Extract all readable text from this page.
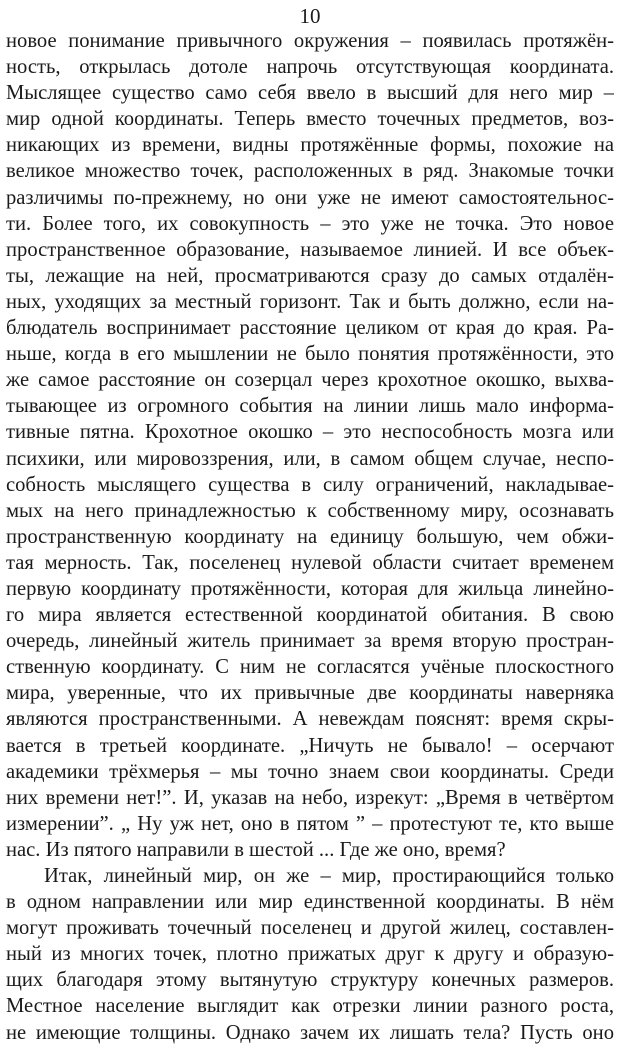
10
новое понимание привычного окружения – появилась протяжён-
ность, открылась дотоле напрочь отсутствующая координата.
Мыслящее существо само себя ввело в высший для него мир –
мир одной координаты. Теперь вместо точечных предметов, воз-
никающих из времени, видны протяжённые формы, похожие на
великое множество точек, расположенных в ряд. Знакомые точки
различимы по-прежнему, но они уже не имеют самостоятельнос-
ти. Более того, их совокупность – это уже не точка. Это новое
пространственное образование, называемое линией. И все объек-
ты, лежащие на ней, просматриваются сразу до самых отдалён-
ных, уходящих за местный горизонт. Так и быть должно, если на-
блюдатель воспринимает расстояние целиком от края до края. Ра-
ньше, когда в его мышлении не было понятия протяжённости, это
же самое расстояние он созерцал через крохотное окошко, выхва-
тывающее из огромного события на линии лишь мало информа-
тивные пятна. Крохотное окошко – это неспособность мозга или
психики, или мировоззрения, или, в самом общем случае, неспо-
собность мыслящего существа в силу ограничений, накладывае-
мых на него принадлежностью к собственному миру, осознавать
пространственную координату на единицу большую, чем обжи-
тая мерность. Так, поселенец нулевой области считает временем
первую координату протяжённости, которая для жильца линейно-
го мира является естественной координатой обитания. В свою
очередь, линейный житель принимает за время вторую простран-
ственную координату. С ним не согласятся учёные плоскостного
мира, уверенные, что их привычные две координаты наверняка
являются пространственными. А невеждам пояснят: время скры-
вается в третьей координате. „Ничуть не бывало! – осерчают
академики трёхмерья – мы точно знаем свои координаты. Среди
них времени нет!”. И, указав на небо, изрекут: „Время в четвёртом
измерении”. „ Ну уж нет, оно в пятом ” – протестуют те, кто выше
нас. Из пятого направили в шестой ... Где же оно, время?
Итак, линейный мир, он же – мир, простирающийся только
в одном направлении или мир единственной координаты. В нём
могут проживать точечный поселенец и другой жилец, составлен-
ный из многих точек, плотно прижатых друг к другу и образую-
щих благодаря этому вытянутую структуру конечных размеров.
Местное население выглядит как отрезки линии разного роста,
не имеющие толщины. Однако зачем их лишать тела? Пусть оно
